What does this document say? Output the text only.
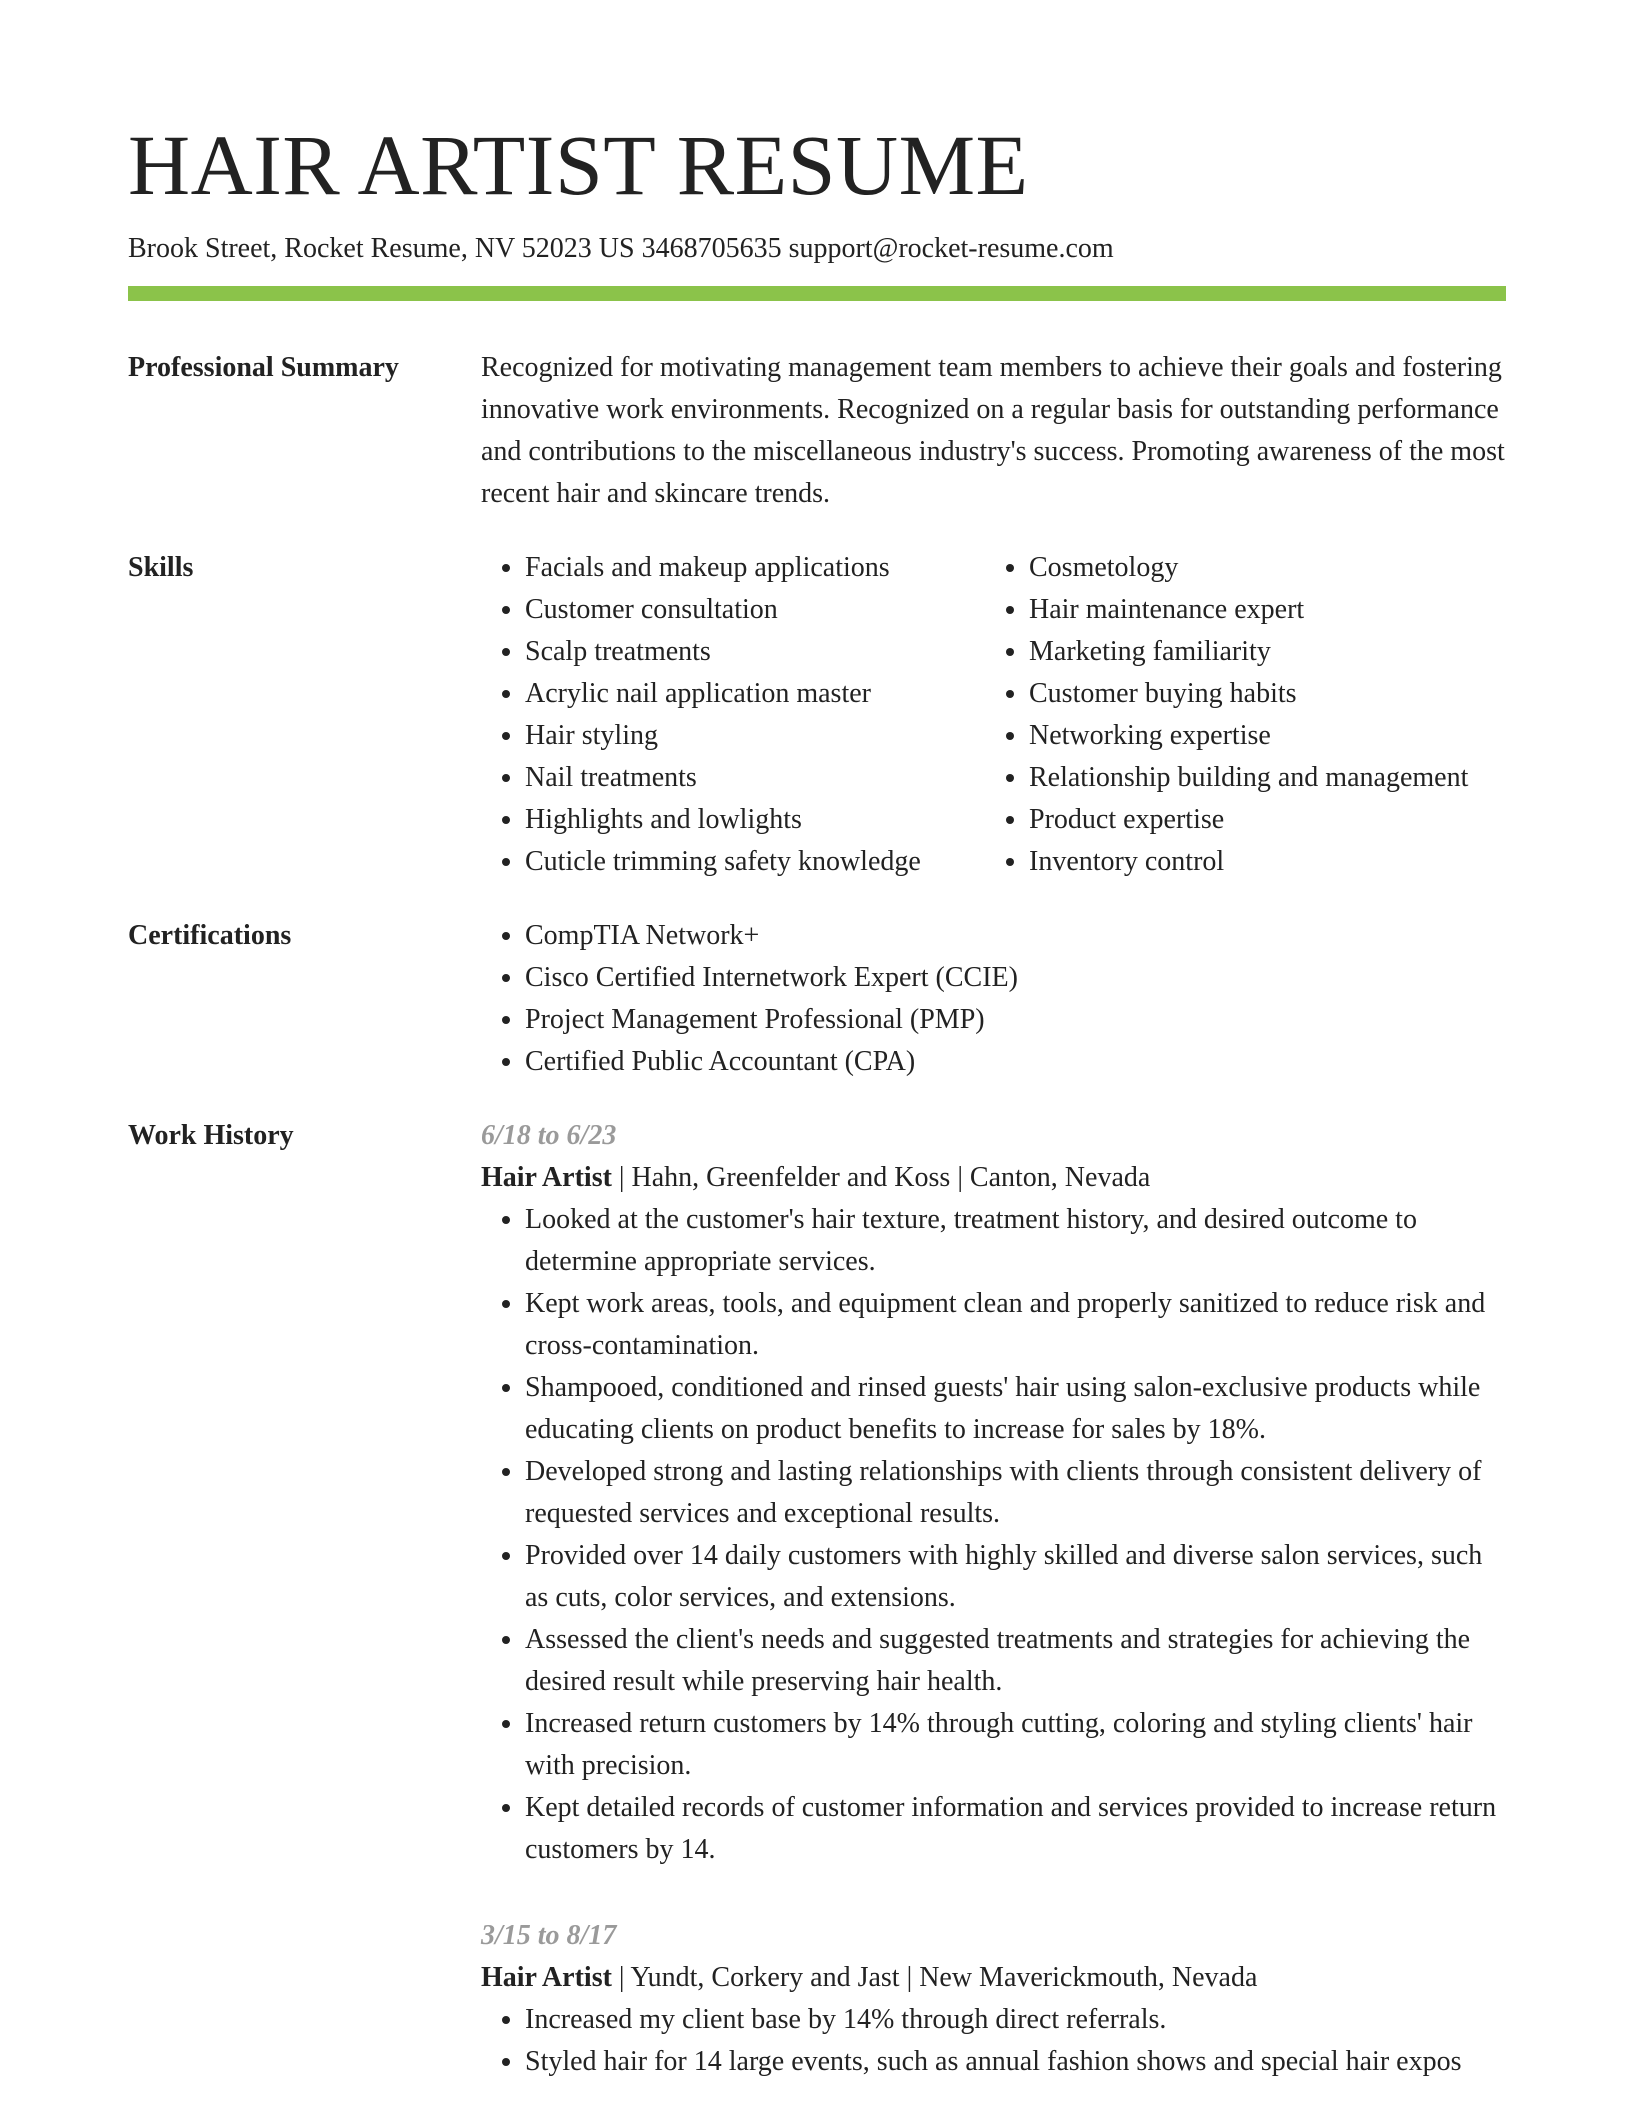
HAIR ARTIST RESUME
Brook Street, Rocket Resume, NV 52023 US 3468705635 support@rocket-resume.com
Professional Summary	Recognized for motivating management team members to achieve their goals and fostering innovative work environments. Recognized on a regular basis for outstanding performance and contributions to the miscellaneous industry's success. Promoting awareness of the most recent hair and skincare trends.

Skills	• Facials and makeup applications
• Customer consultation
• Scalp treatments
• Acrylic nail application master
• Hair styling
• Nail treatments
• Highlights and lowlights
• Cuticle trimming safety knowledge
• Cosmetology
• Hair maintenance expert
• Marketing familiarity
• Customer buying habits
• Networking expertise
• Relationship building and management
• Product expertise
• Inventory control
Certifications	• CompTIA Network+
• Cisco Certified Internetwork Expert (CCIE)
• Project Management Professional (PMP)
• Certified Public Accountant (CPA)
Work History	6/18 to 6/23
Hair Artist | Hahn, Greenfelder and Koss | Canton, Nevada
• Looked at the customer's hair texture, treatment history, and desired outcome to determine appropriate services.
• Kept work areas, tools, and equipment clean and properly sanitized to reduce risk and cross-contamination.
• Shampooed, conditioned and rinsed guests' hair using salon-exclusive products while educating clients on product benefits to increase for sales by 18%.
• Developed strong and lasting relationships with clients through consistent delivery of requested services and exceptional results.
• Provided over 14 daily customers with highly skilled and diverse salon services, such as cuts, color services, and extensions.
• Assessed the client's needs and suggested treatments and strategies for achieving the desired result while preserving hair health.
• Increased return customers by 14% through cutting, coloring and styling clients' hair with precision.
• Kept detailed records of customer information and services provided to increase return customers by 14.
3/15 to 8/17
Hair Artist | Yundt, Corkery and Jast | New Maverickmouth, Nevada
• Increased my client base by 14% through direct referrals.
• Styled hair for 14 large events, such as annual fashion shows and special hair expos
